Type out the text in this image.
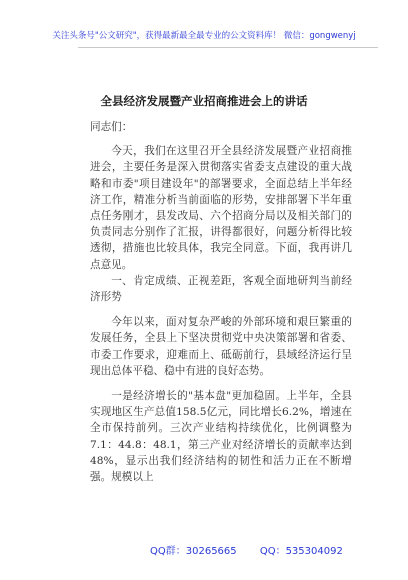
关注头条号"公文研究"，获得最新最全最专业的公文资料库！ 微信：gongwenyj
全县经济发展暨产业招商推进会上的讲话

同志们：

今天，我们在这里召开全县经济发展暨产业招商推进会，主要任务是深入贯彻落实省委支点建设的重大战略和市委"项目建设年"的部署要求，全面总结上半年经济工作，精准分析当前面临的形势，安排部署下半年重点任务刚才，县发改局、六个招商分局以及相关部门的负责同志分别作了汇报，讲得都很好，问题分析得比较透彻，措施也比较具体，我完全同意。下面，我再讲几点意见。

一、肯定成绩、正视差距，客观全面地研判当前经济形势

今年以来，面对复杂严峻的外部环境和艰巨繁重的发展任务，全县上下坚决贯彻党中央决策部署和省委、市委工作要求，迎难而上、砥砺前行，县域经济运行呈现出总体平稳、稳中有进的良好态势。

一是经济增长的"基本盘"更加稳固。上半年，全县实现地区生产总值158.5亿元，同比增长6.2%，增速在全市保持前列。三次产业结构持续优化，比例调整为7.1：44.8：48.1，第三产业对经济增长的贡献率达到48%，显示出我们经济结构的韧性和活力正在不断增强。规模以上

QQ群：30265665 QQ：535304092
